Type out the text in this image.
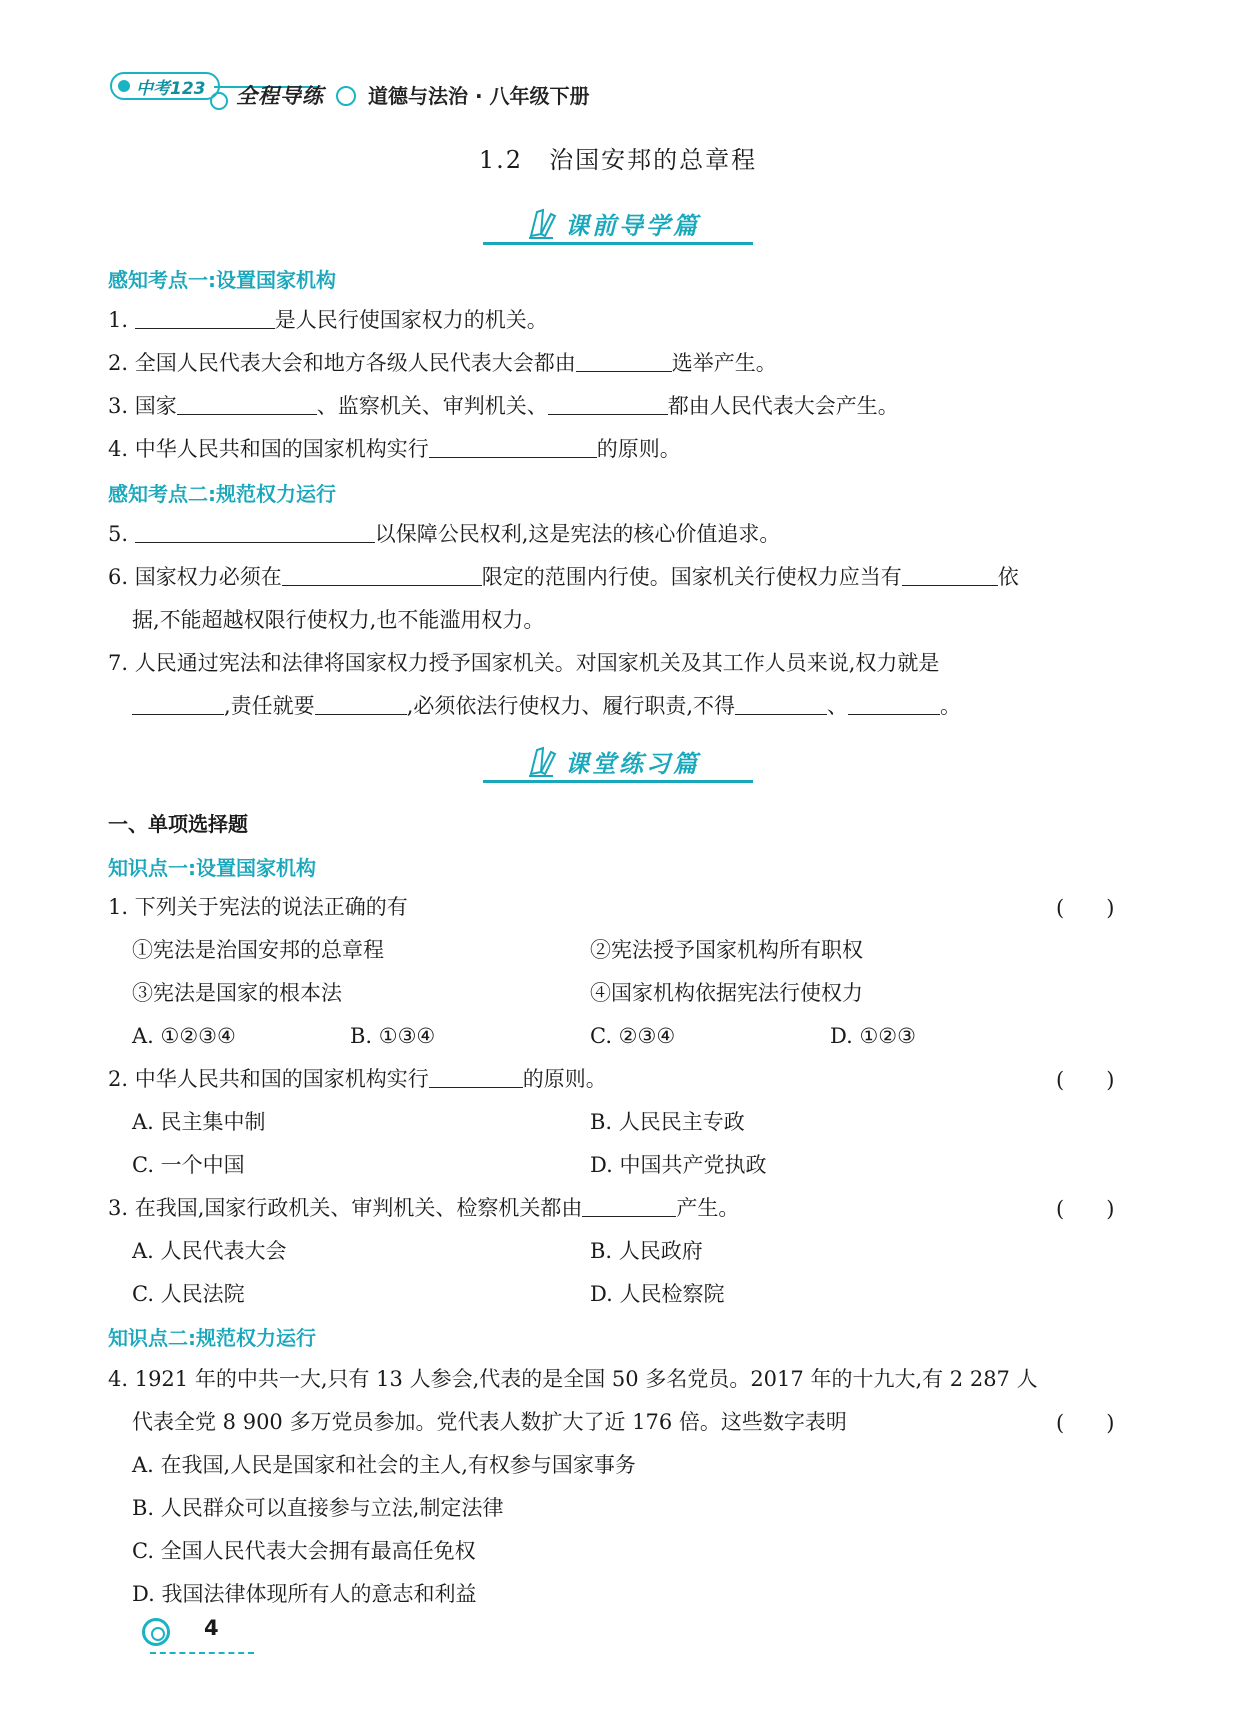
中考123 全程导练 道德与法治 · 八年级下册
1.2　治国安邦的总章程
课前导学篇
感知考点一:设置国家机构
1.	是人民行使国家权力的机关。
2. 全国人民代表大会和地方各级人民代表大会都由	选举产生。
3. 国家	、监察机关、审判机关、	都由人民代表大会产生。
4. 中华人民共和国的国家机构实行	的原则。
感知考点二:规范权力运行
5.	以保障公民权利,这是宪法的核心价值追求。
6. 国家权力必须在	限定的范围内行使。国家机关行使权力应当有	依
据,不能超越权限行使权力,也不能滥用权力。
7. 人民通过宪法和法律将国家权力授予国家机关。对国家机关及其工作人员来说,权力就是
,责任就要	,必须依法行使权力、履行职责,不得	、	。
课堂练习篇
一、单项选择题
知识点一:设置国家机构
1. 下列关于宪法的说法正确的有	(　　)
①宪法是治国安邦的总章程	②宪法授予国家机构所有职权
③宪法是国家的根本法	④国家机构依据宪法行使权力
A. ①②③④	B. ①③④	C. ②③④	D. ①②③
2. 中华人民共和国的国家机构实行	的原则。	(　　)
A. 民主集中制	B. 人民民主专政
C. 一个中国	D. 中国共产党执政
3. 在我国,国家行政机关、审判机关、检察机关都由	产生。	(　　)
A. 人民代表大会	B. 人民政府
C. 人民法院	D. 人民检察院
知识点二:规范权力运行
4. 1921 年的中共一大,只有 13 人参会,代表的是全国 50 多名党员。2017 年的十九大,有 2 287 人
代表全党 8 900 多万党员参加。党代表人数扩大了近 176 倍。这些数字表明	(　　)
A. 在我国,人民是国家和社会的主人,有权参与国家事务
B. 人民群众可以直接参与立法,制定法律
C. 全国人民代表大会拥有最高任免权
D. 我国法律体现所有人的意志和利益
4
